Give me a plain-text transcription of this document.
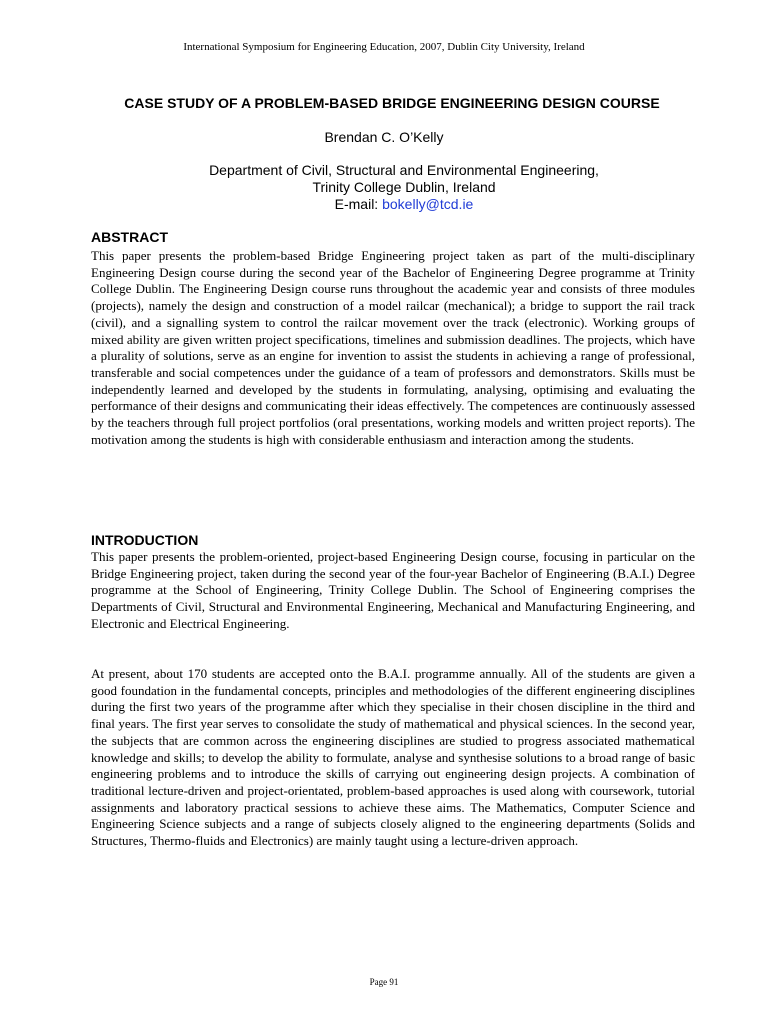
International Symposium for Engineering Education, 2007, Dublin City University, Ireland
CASE STUDY OF A PROBLEM-BASED BRIDGE ENGINEERING DESIGN COURSE
Brendan C. O’Kelly
Department of Civil, Structural and Environmental Engineering,
Trinity College Dublin, Ireland
E-mail: bokelly@tcd.ie
ABSTRACT

This paper presents the problem-based Bridge Engineering project taken as part of the multi-disciplinary Engineering Design course during the second year of the Bachelor of Engineering Degree programme at Trinity College Dublin. The Engineering Design course runs throughout the academic year and consists of three modules (projects), namely the design and construction of a model railcar (mechanical); a bridge to support the rail track (civil), and a signalling system to control the railcar movement over the track (electronic). Working groups of mixed ability are given written project specifications, timelines and submission deadlines. The projects, which have a plurality of solutions, serve as an engine for invention to assist the students in achieving a range of professional, transferable and social competences under the guidance of a team of professors and demonstrators. Skills must be independently learned and developed by the students in formulating, analysing, optimising and evaluating the performance of their designs and communicating their ideas effectively. The competences are continuously assessed by the teachers through full project portfolios (oral presentations, working models and written project reports). The motivation among the students is high with considerable enthusiasm and interaction among the students.

INTRODUCTION

This paper presents the problem-oriented, project-based Engineering Design course, focusing in particular on the Bridge Engineering project, taken during the second year of the four-year Bachelor of Engineering (B.A.I.) Degree programme at the School of Engineering, Trinity College Dublin. The School of Engineering comprises the Departments of Civil, Structural and Environmental Engineering, Mechanical and Manufacturing Engineering, and Electronic and Electrical Engineering.

At present, about 170 students are accepted onto the B.A.I. programme annually. All of the students are given a good foundation in the fundamental concepts, principles and methodologies of the different engineering disciplines during the first two years of the programme after which they specialise in their chosen discipline in the third and final years. The first year serves to consolidate the study of mathematical and physical sciences. In the second year, the subjects that are common across the engineering disciplines are studied to progress associated mathematical knowledge and skills; to develop the ability to formulate, analyse and synthesise solutions to a broad range of basic engineering problems and to introduce the skills of carrying out engineering design projects. A combination of traditional lecture-driven and project-orientated, problem-based approaches is used along with coursework, tutorial assignments and laboratory practical sessions to achieve these aims. The Mathematics, Computer Science and Engineering Science subjects and a range of subjects closely aligned to the engineering departments (Solids and Structures, Thermo-fluids and Electronics) are mainly taught using a lecture-driven approach.

Page 91
